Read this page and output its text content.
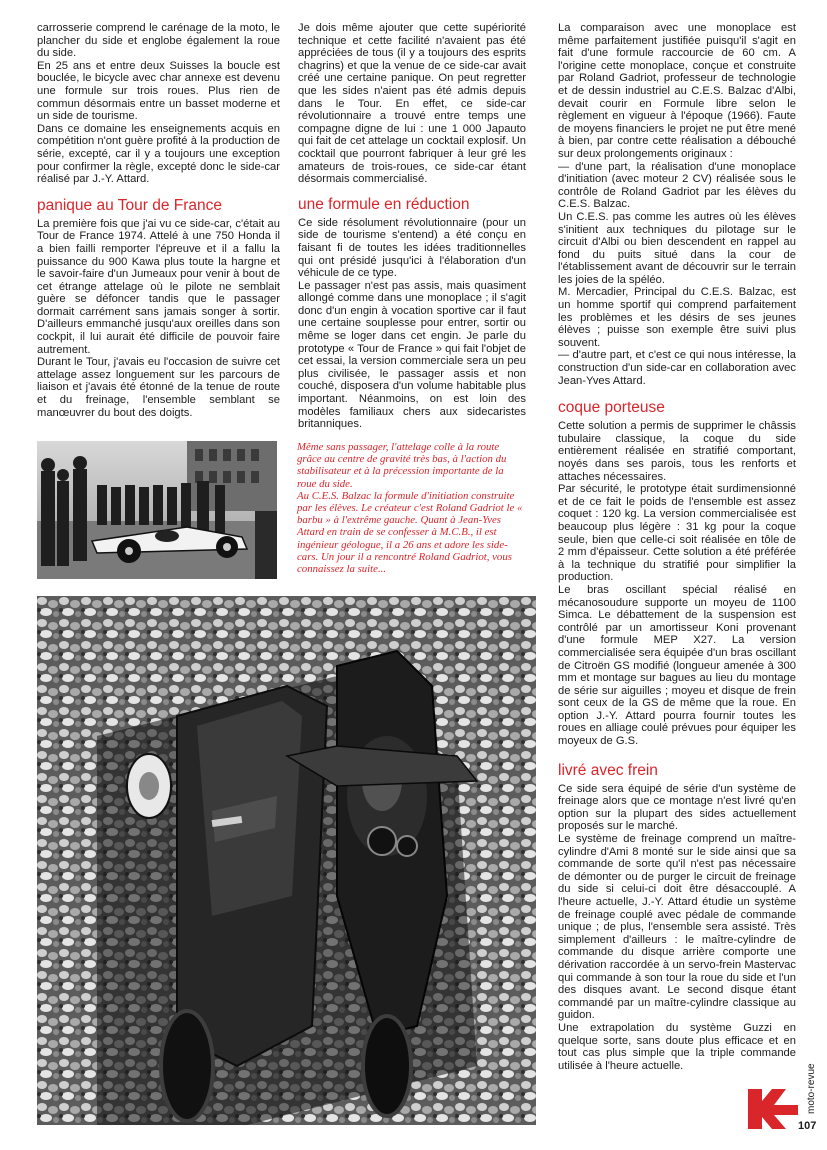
carrosserie comprend le carénage de la moto, le plancher du side et englobe également la roue du side.
En 25 ans et entre deux Suisses la boucle est bouclée, le bicycle avec char annexe est devenu une formule sur trois roues. Plus rien de commun désormais entre un basset moderne et un side de tourisme.
Dans ce domaine les enseignements acquis en compétition n'ont guère profité à la production de série, excepté, car il y a toujours une exception pour confirmer la règle, excepté donc le side-car réalisé par J.-Y. Attard.

panique au Tour de France

La première fois que j'ai vu ce side-car, c'était au Tour de France 1974. Attelé à une 750 Honda il a bien failli remporter l'épreuve et il a fallu la puissance du 900 Kawa plus toute la hargne et le savoir-faire d'un Jumeaux pour venir à bout de cet étrange attelage où le pilote ne semblait guère se défoncer tandis que le passager dormait carrément sans jamais songer à sortir. D'ailleurs emmanché jusqu'aux oreilles dans son cockpit, il lui aurait été difficile de pouvoir faire autrement.
Durant le Tour, j'avais eu l'occasion de suivre cet attelage assez longuement sur les parcours de liaison et j'avais été étonné de la tenue de route et du freinage, l'ensemble semblant se manœuvrer du bout des doigts.

Je dois même ajouter que cette supériorité technique et cette facilité n'avaient pas été appréciées de tous (il y a toujours des esprits chagrins) et que la venue de ce side-car avait créé une certaine panique. On peut regretter que les sides n'aient pas été admis depuis dans le Tour. En effet, ce side-car révolutionnaire a trouvé entre temps une compagne digne de lui : une 1 000 Japauto qui fait de cet attelage un cocktail explosif. Un cocktail que pourront fabriquer à leur gré les amateurs de trois-roues, ce side-car étant désormais commercialisé.

une formule en réduction

Ce side résolument révolutionnaire (pour un side de tourisme s'entend) a été conçu en faisant fi de toutes les idées traditionnelles qui ont présidé jusqu'ici à l'élaboration d'un véhicule de ce type.
Le passager n'est pas assis, mais quasiment allongé comme dans une monoplace ; il s'agit donc d'un engin à vocation sportive car il faut une certaine souplesse pour entrer, sortir ou même se loger dans cet engin. Je parle du prototype « Tour de France » qui fait l'objet de cet essai, la version commerciale sera un peu plus civilisée, le passager assis et non couché, disposera d'un volume habitable plus important. Néanmoins, on est loin des modèles familiaux chers aux sidecaristes britanniques.

Même sans passager, l'attelage colle à la route grâce au centre de gravité très bas, à l'action du stabilisateur et à la précession importante de la roue du side.
Au C.E.S. Balzac la formule d'initiation construite par les élèves. Le créateur c'est Roland Gadriot le « barbu » à l'extrême gauche. Quant à Jean-Yves Attard en train de se confesser à M.C.B., il est ingénieur géologue, il a 26 ans et adore les side-cars. Un jour il a rencontré Roland Gadriot, vous connaissez la suite...

La comparaison avec une monoplace est même parfaitement justifiée puisqu'il s'agit en fait d'une formule raccourcie de 60 cm. A l'origine cette monoplace, conçue et construite par Roland Gadriot, professeur de technologie et de dessin industriel au C.E.S. Balzac d'Albi, devait courir en Formule libre selon le règlement en vigueur à l'époque (1966). Faute de moyens financiers le projet ne put être mené à bien, par contre cette réalisation a débouché sur deux prolongements originaux :
— d'une part, la réalisation d'une monoplace d'initiation (avec moteur 2 CV) réalisée sous le contrôle de Roland Gadriot par les élèves du C.E.S. Balzac.
Un C.E.S. pas comme les autres où les élèves s'initient aux techniques du pilotage sur le circuit d'Albi ou bien descendent en rappel au fond du puits situé dans la cour de l'établissement avant de découvrir sur le terrain les joies de la spéléo.
M. Mercadier, Principal du C.E.S. Balzac, est un homme sportif qui comprend parfaitement les problèmes et les désirs de ses jeunes élèves ; puisse son exemple être suivi plus souvent.
— d'autre part, et c'est ce qui nous intéresse, la construction d'un side-car en collaboration avec Jean-Yves Attard.

coque porteuse

Cette solution a permis de supprimer le châssis tubulaire classique, la coque du side entièrement réalisée en stratifié comportant, noyés dans ses parois, tous les renforts et attaches nécessaires.
Par sécurité, le prototype était surdimensionné et de ce fait le poids de l'ensemble est assez coquet : 120 kg. La version commercialisée est beaucoup plus légère : 31 kg pour la coque seule, bien que celle-ci soit réalisée en tôle de 2 mm d'épaisseur. Cette solution a été préférée à la technique du stratifié pour simplifier la production.
Le bras oscillant spécial réalisé en mécanosoudure supporte un moyeu de 1100 Simca. Le débattement de la suspension est contrôlé par un amortisseur Koni provenant d'une formule MEP X27. La version commercialisée sera équipée d'un bras oscillant de Citroën GS modifié (longueur amenée à 300 mm et montage sur bagues au lieu du montage de série sur aiguilles ; moyeu et disque de frein sont ceux de la GS de même que la roue. En option J.-Y. Attard pourra fournir toutes les roues en alliage coulé prévues pour équiper les moyeux de G.S.

livré avec frein

Ce side sera équipé de série d'un système de freinage alors que ce montage n'est livré qu'en option sur la plupart des sides actuellement proposés sur le marché.
Le système de freinage comprend un maître-cylindre d'Ami 8 monté sur le side ainsi que sa commande de sorte qu'il n'est pas nécessaire de démonter ou de purger le circuit de freinage du side si celui-ci doit être désaccouplé. A l'heure actuelle, J.-Y. Attard étudie un système de freinage couplé avec pédale de commande unique ; de plus, l'ensemble sera assisté. Très simplement d'ailleurs : le maître-cylindre de commande du disque arrière comporte une dérivation raccordée à un servo-frein Mastervac qui commande à son tour la roue du side et l'un des disques avant. Le second disque étant commandé par un maître-cylindre classique au guidon.
Une extrapolation du système Guzzi en quelque sorte, sans doute plus efficace et en tout cas plus simple que la triple commande utilisée à l'heure actuelle.	moto-revue
107
